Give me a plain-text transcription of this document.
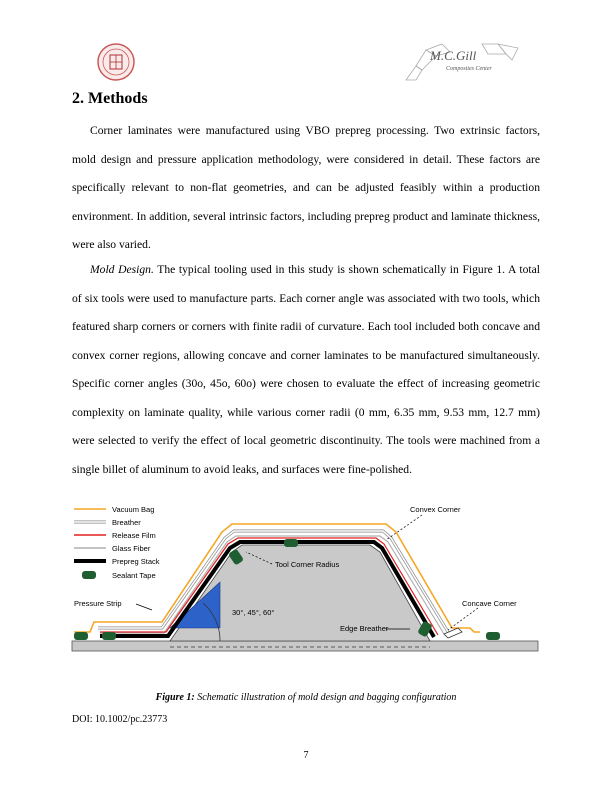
M.C.Gill
Composites Center
2. Methods

Corner laminates were manufactured using VBO prepreg processing. Two extrinsic factors, mold design and pressure application methodology, were considered in detail. These factors are specifically relevant to non-flat geometries, and can be adjusted feasibly within a production environment. In addition, several intrinsic factors, including prepreg product and laminate thickness, were also varied.

Mold Design. The typical tooling used in this study is shown schematically in Figure 1. A total of six tools were used to manufacture parts. Each corner angle was associated with two tools, which featured sharp corners or corners with finite radii of curvature. Each tool included both concave and convex corner regions, allowing concave and corner laminates to be manufactured simultaneously. Specific corner angles (30o, 45o, 60o) were chosen to evaluate the effect of increasing geometric complexity on laminate quality, while various corner radii (0 mm, 6.35 mm, 9.53 mm, 12.7 mm) were selected to verify the effect of local geometric discontinuity. The tools were machined from a single billet of aluminum to avoid leaks, and surfaces were fine-polished.

Vacuum Bag
Breather
Release Film
Glass Fiber
Prepreg Stack
Sealant Tape
Convex Corner
Tool Corner Radius
Pressure Strip
30°, 45°, 60°
Concave Corner
Edge Breather

Figure 1: Schematic illustration of mold design and bagging configuration

DOI: 10.1002/pc.23773

7
